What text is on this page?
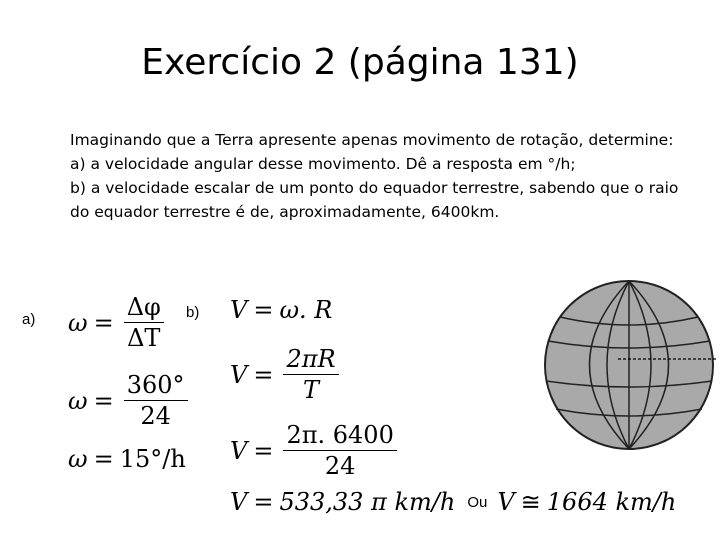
Exercício 2 (página 131)

Imaginando que a Terra apresente apenas movimento de rotação, determine:

a) a velocidade angular desse movimento. Dê a resposta em °/h;

b) a velocidade escalar de um ponto do equador terrestre, sabendo que o raio do equador terrestre é de, aproximadamente, 6400km.

a)	b)
$\omega = \frac{\Delta\varphi}{\Delta T}$
$\omega = \frac{360^\circ}{24}$
ω = 15°/h
V = ω. R
$V = \frac{2\pi R}{T}$
$V = \frac{2\pi. 6400}{24}$
V = 533,33 π km/h Ou V ≅ 1664 km/h
